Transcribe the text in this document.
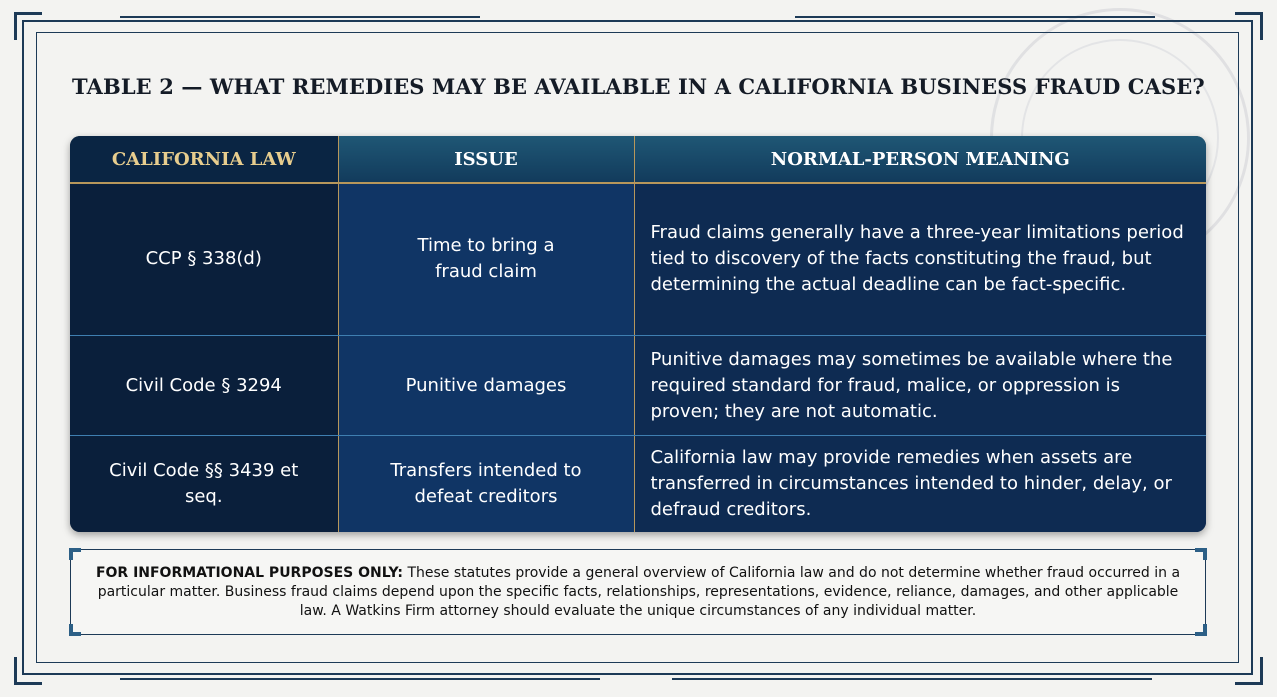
TABLE 2 — WHAT REMEDIES MAY BE AVAILABLE IN A CALIFORNIA BUSINESS FRAUD CASE?
CALIFORNIA LAW	ISSUE	NORMAL-PERSON MEANING
CCP § 338(d)	Time to bring a fraud claim	Fraud claims generally have a three-year limitations period tied to discovery of the facts constituting the fraud, but determining the actual deadline can be fact-specific.
Civil Code § 3294	Punitive damages	Punitive damages may sometimes be available where the required standard for fraud, malice, or oppression is proven; they are not automatic.

Civil Code §§ 3439 et seq.	Transfers intended to defeat creditors	California law may provide remedies when assets are transferred in circumstances intended to hinder, delay, or defraud creditors.
FOR INFORMATIONAL PURPOSES ONLY: These statutes provide a general overview of California law and do not determine whether fraud occurred in a particular matter. Business fraud claims depend upon the specific facts, relationships, representations, evidence, reliance, damages, and other applicable law. A Watkins Firm attorney should evaluate the unique circumstances of any individual matter.
